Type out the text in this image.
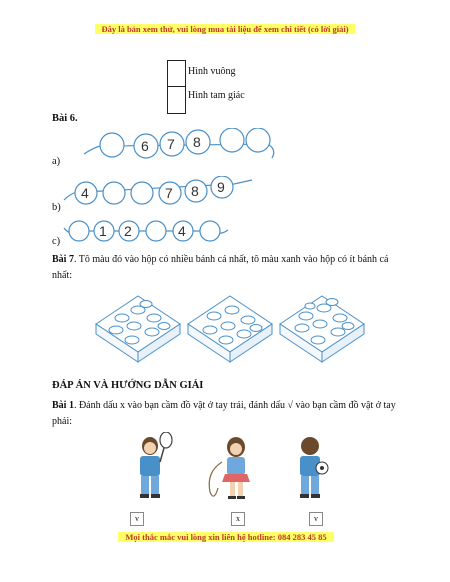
Đây là bản xem thử, vui lòng mua tài liệu để xem chi tiết (có lời giải)
Hình vuông
Hình tam giác
Bài 6.
6 7 8
a)
4	7 8 9
b)
1 2	4
c)
Bài 7. Tô màu đỏ vào hộp có nhiều bánh cá nhất, tô màu xanh vào hộp có ít bánh cá nhất:
ĐÁP ÁN VÀ HƯỚNG DẪN GIẢI
Bài 1. Đánh dấu x vào bạn cầm đồ vật ở tay trái, đánh dấu √ vào bạn cầm đồ vật ở tay phải:
v	x	v
Mọi thắc mắc vui lòng xin liên hệ hotline: 084 283 45 85
